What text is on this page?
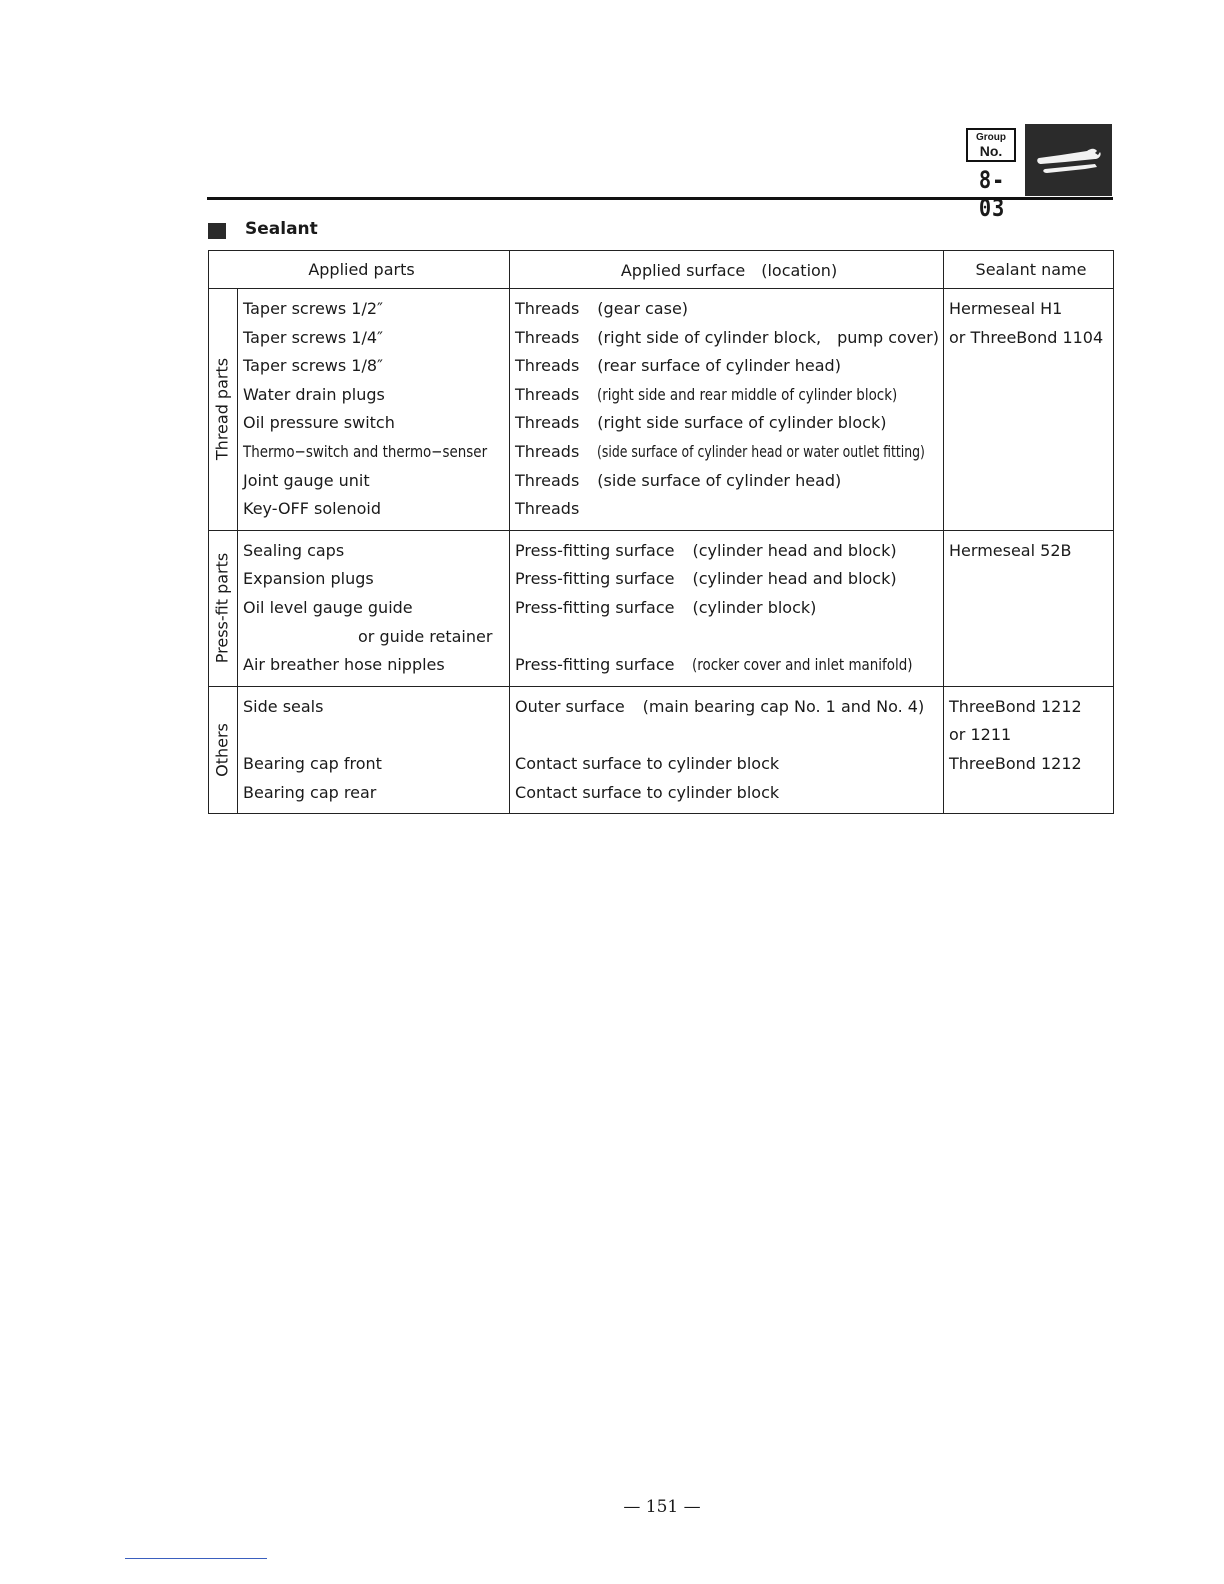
Group
No.
8-03
Sealant
Applied parts		Applied surface　(location)	Sealant name

Thread parts	Taper screws 1/2″	Threads (gear case)	Hermeseal H1
	Taper screws 1/4″	Threads (right side of cylinder block,　pump cover)	or ThreeBond 1104
	Taper screws 1/8″	Threads (rear surface of cylinder head)	
	Water drain plugs	Threads (right side and rear middle of cylinder block)	
	Oil pressure switch	Threads (right side surface of cylinder block)	
	Thermo−switch and thermo−senser	Threads (side surface of cylinder head or water outlet fitting)	
	Joint gauge unit	Threads (side surface of cylinder head)	
	Key-OFF solenoid	Threads	

Press-fit parts	Sealing caps	Press-fitting surface (cylinder head and block)	Hermeseal 52B
	Expansion plugs	Press-fitting surface (cylinder head and block)	
	Oil level gauge guide	Press-fitting surface (cylinder block)	
	or guide retainer		
	Air breather hose nipples	Press-fitting surface (rocker cover and inlet manifold)	

Others	Side seals	Outer surface (main bearing cap No. 1 and No. 4)	ThreeBond 1212
			or 1211
	Bearing cap front	Contact surface to cylinder block	ThreeBond 1212
	Bearing cap rear	Contact surface to cylinder block	
— 151 —
